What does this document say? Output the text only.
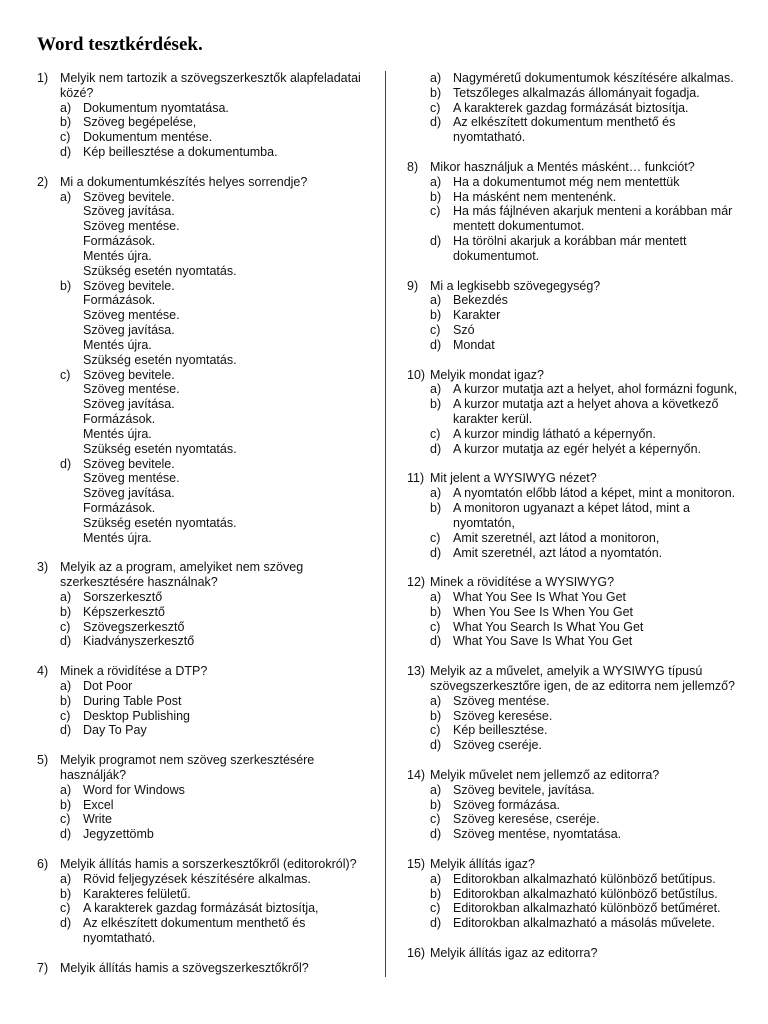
Word tesztkérdések.
1) Melyik nem tartozik a szövegszerkesztők alapfeladatai
közé?
a) Dokumentum nyomtatása.
b) Szöveg begépelése,
c)	Dokumentum mentése.
d) Kép beillesztése a dokumentumba.
2) Mi a dokumentumkészítés helyes sorrendje?
a) Szöveg bevitele.
Szöveg javítása.
Szöveg mentése.
Formázások.
Mentés újra.
Szükség esetén nyomtatás.
b) Szöveg bevitele.
Formázások.
Szöveg mentése.
Szöveg javítása.
Mentés újra.
Szükség esetén nyomtatás.
c)	Szöveg bevitele.
Szöveg mentése.
Szöveg javítása.
Formázások.
Mentés újra.
Szükség esetén nyomtatás.
d) Szöveg bevitele.
Szöveg mentése.
Szöveg javítása.
Formázások.
Szükség esetén nyomtatás.
Mentés újra.
3) Melyik az a program, amelyiket nem szöveg
szerkesztésére használnak?
a) Sorszerkesztő
b) Képszerkesztő
c)	Szövegszerkesztő
d) Kiadványszerkesztő
4) Minek a rövidítése a DTP?
a) Dot Poor
b) During Table Post
c)	Desktop Publishing
d) Day To Pay
5) Melyik programot nem szöveg szerkesztésére
használják?
a) Word for Windows
b) Excel
c)	Write
d) Jegyzettömb
6) Melyik állítás hamis a sorszerkesztőkről (editorokról)?
a) Rövid feljegyzések készítésére alkalmas.
b) Karakteres felületű.
c)	A karakterek gazdag formázását biztosítja,
d) Az elkészített dokumentum menthető és
nyomtatható.
7) Melyik állítás hamis a szövegszerkesztőkről?
a) Nagyméretű dokumentumok készítésére alkalmas.
b) Tetszőleges alkalmazás állományait fogadja.
c)	A karakterek gazdag formázását biztosítja.
d) Az elkészített dokumentum menthető és
nyomtatható.
8) Mikor használjuk a Mentés másként… funkciót?
a) Ha a dokumentumot még nem mentettük
b) Ha másként nem mentenénk.
c)	Ha más fájlnéven akarjuk menteni a korábban már
mentett dokumentumot.
d) Ha törölni akarjuk a korábban már mentett
dokumentumot.
9) Mi a legkisebb szövegegység?
a) Bekezdés
b) Karakter
c)	Szó
d) Mondat
10) Melyik mondat igaz?
a) A kurzor mutatja azt a helyet, ahol formázni fogunk,
b) A kurzor mutatja azt a helyet ahova a következő
karakter kerül.
c)	A kurzor mindig látható a képernyőn.
d) A kurzor mutatja az egér helyét a képernyőn.
11) Mit jelent a WYSIWYG nézet?
a) A nyomtatón előbb látod a képet, mint a monitoron.
b) A monitoron ugyanazt a képet látod, mint a
nyomtatón,
c)	Amit szeretnél, azt látod a monitoron,
d) Amit szeretnél, azt látod a nyomtatón.
12) Minek a rövidítése a WYSIWYG?
a) What You See Is What You Get
b) When You See Is When You Get
c)	What You Search Is What You Get
d) What You Save Is What You Get
13) Melyik az a művelet, amelyik a WYSIWYG típusú
szövegszerkesztőre igen, de az editorra nem jellemző?
a) Szöveg mentése.
b) Szöveg keresése.
c)	Kép beillesztése.
d) Szöveg cseréje.
14) Melyik művelet nem jellemző az editorra?
a) Szöveg bevitele, javítása.
b) Szöveg formázása.
c)	Szöveg keresése, cseréje.
d) Szöveg mentése, nyomtatása.
15) Melyik állítás igaz?
a) Editorokban alkalmazható különböző betűtípus.
b) Editorokban alkalmazható különböző betűstílus.
c)	Editorokban alkalmazható különböző betűméret.
d) Editorokban alkalmazható a másolás művelete.
16) Melyik állítás igaz az editorra?
